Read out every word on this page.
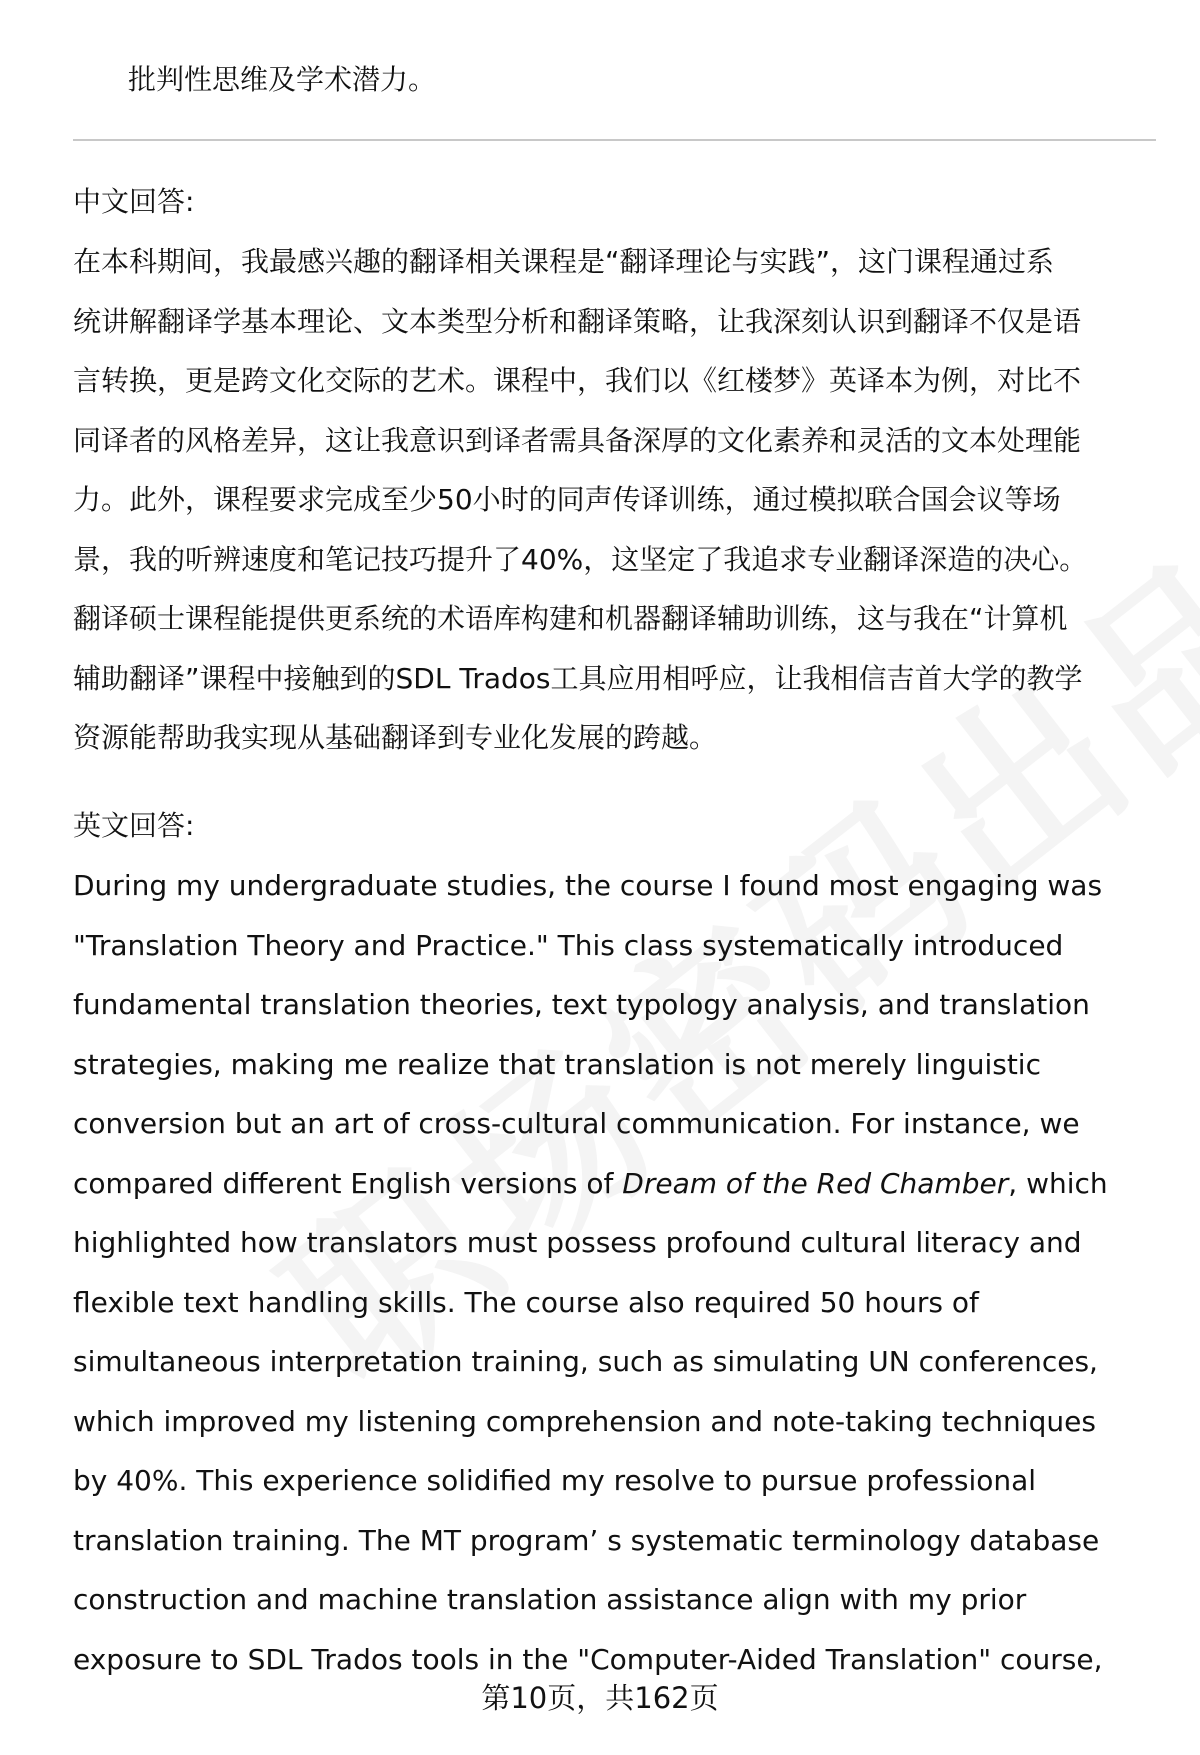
批判性思维及学术潜力。
中文回答:
在本科期间，我最感兴趣的翻译相关课程是“翻译理论与实践”，这门课程通过系
统讲解翻译学基本理论、文本类型分析和翻译策略，让我深刻认识到翻译不仅是语
言转换，更是跨文化交际的艺术。课程中，我们以《红楼梦》英译本为例，对比不
同译者的风格差异，这让我意识到译者需具备深厚的文化素养和灵活的文本处理能
力。此外，课程要求完成至少50小时的同声传译训练，通过模拟联合国会议等场
景，我的听辨速度和笔记技巧提升了40%，这坚定了我追求专业翻译深造的决心。
翻译硕士课程能提供更系统的术语库构建和机器翻译辅助训练，这与我在“计算机
辅助翻译”课程中接触到的SDL Trados工具应用相呼应，让我相信吉首大学的教学
资源能帮助我实现从基础翻译到专业化发展的跨越。
英文回答:
During my undergraduate studies, the course I found most engaging was
"Translation Theory and Practice." This class systematically introduced
fundamental translation theories, text typology analysis, and translation
strategies, making me realize that translation is not merely linguistic
conversion but an art of cross-cultural communication. For instance, we
compared different English versions of Dream of the Red Chamber, which
highlighted how translators must possess profound cultural literacy and
flexible text handling skills. The course also required 50 hours of
simultaneous interpretation training, such as simulating UN conferences,
which improved my listening comprehension and note-taking techniques
by 40%. This experience solidified my resolve to pursue professional
translation training. The MT program’ s systematic terminology database
construction and machine translation assistance align with my prior
exposure to SDL Trados tools in the "Computer-Aided Translation" course,
第10页，共162页
